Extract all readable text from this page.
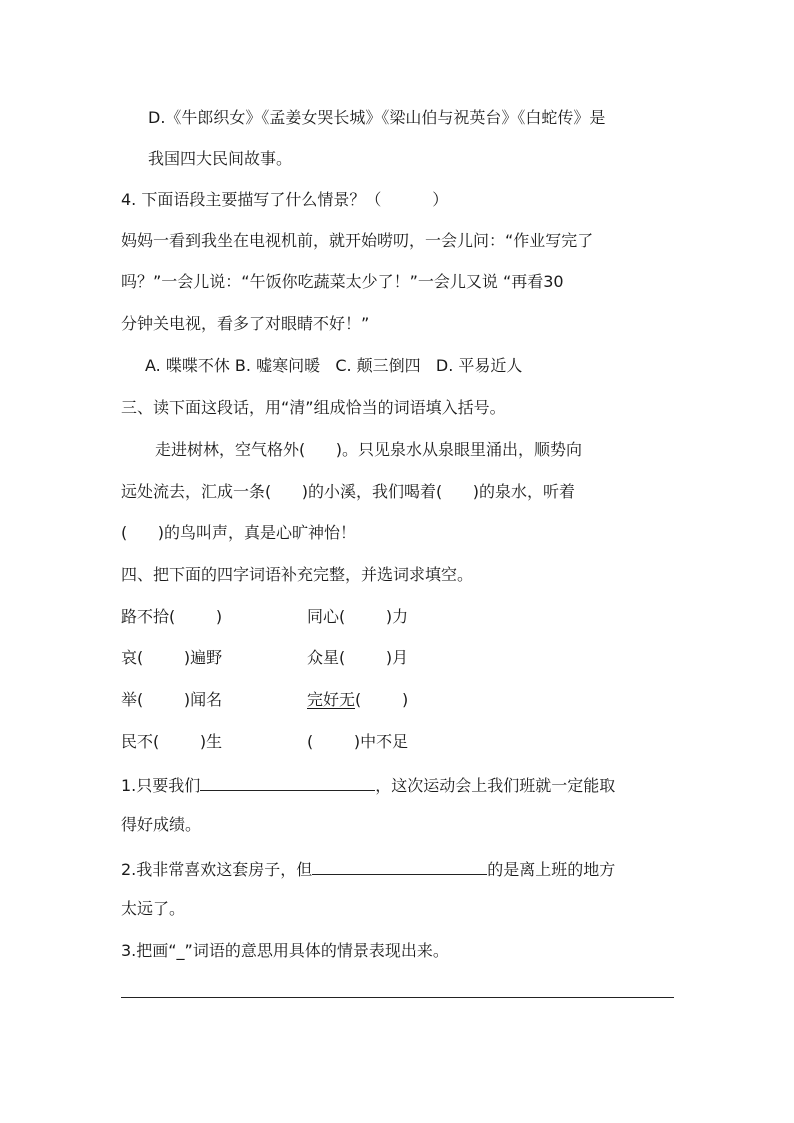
D.《牛郎织女》《孟姜女哭长城》《梁山伯与祝英台》《白蛇传》是
我国四大民间故事。
4. 下面语段主要描写了什么情景？（          ）
妈妈一看到我坐在电视机前，就开始唠叨，一会儿问：“作业写完了
吗？”一会儿说：“午饭你吃蔬菜太少了！”一会儿又说 “再看30
分钟关电视，看多了对眼睛不好！”
A. 喋喋不休 B. 嘘寒问暖   C. 颠三倒四   D. 平易近人
三、读下面这段话，用“清”组成恰当的词语填入括号。
走进树林，空气格外(      )。只见泉水从泉眼里涌出，顺势向
远处流去，汇成一条(      )的小溪，我们喝着(      )的泉水，听着
(      )的鸟叫声，真是心旷神怡！
四、把下面的四字词语补充完整，并选词求填空。
路不拾(        )	同心(        )力
哀(        )遍野	众星(        )月
举(        )闻名	完好无(        )
民不(        )生	(        )中不足
1.只要我们	，这次运动会上我们班就一定能取
得好成绩。
2.我非常喜欢这套房子，但	的是离上班的地方
太远了。
3.把画“_”词语的意思用具体的情景表现出来。
